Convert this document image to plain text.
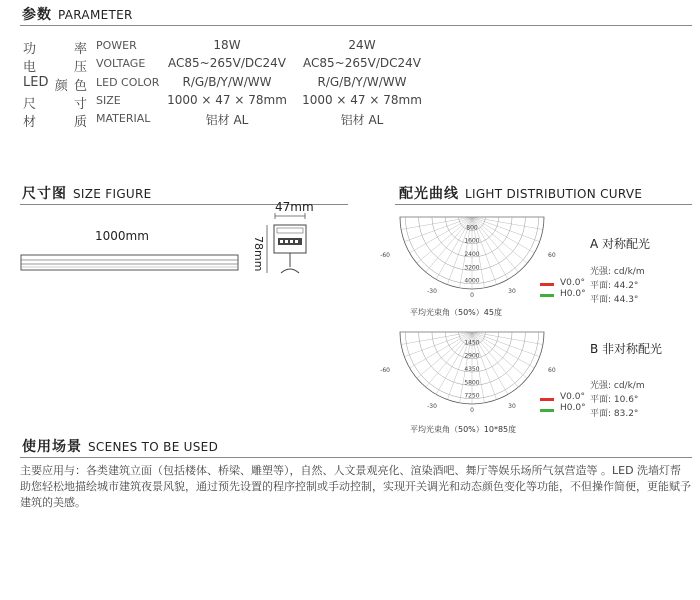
参数 PARAMETER
功	率 POWER	18W	24W
电	压 VOLTAGE	AC85~265V/DC24V	AC85~265V/DC24V
LED 颜 色 LED COLOR	R/G/B/Y/W/WW	R/G/B/Y/W/WW
尺	寸 SIZE	1000 × 47 × 78mm	1000 × 47 × 78mm
材	质 MATERIAL	铝材 AL	铝材 AL
尺寸图 SIZE FIGURE
1000mm
47mm
78mm
配光曲线 LIGHT DISTRIBUTION CURVE
800
1600
2400
3200
4000
-60	60
-30	30
0
A 对称配光
光强: cd/k/m
V0.0° 平面: 44.2°
H0.0°
平面: 44.3°
平均光束角（50%）45度
1450
2900
4350
5800
7250
-60	60
-30	30
0
B 非对称配光
光强: cd/k/m
V0.0° 平面: 10.6°
H0.0°
平面: 83.2°
平均光束角（50%）10*85度
使用场景 SCENES TO BE USED
主要应用与：各类建筑立面（包括楼体、桥梁、雕塑等），自然、人文景观亮化、渲染酒吧、舞厅等娱乐场所气氛营造等 。LED 洗墙灯帮助您轻松地描绘城市建筑夜景风貌，通过预先设置的程序控制或手动控制，实现开关调光和动态颜色变化等功能，不但操作简便，更能赋予建筑的美感。
